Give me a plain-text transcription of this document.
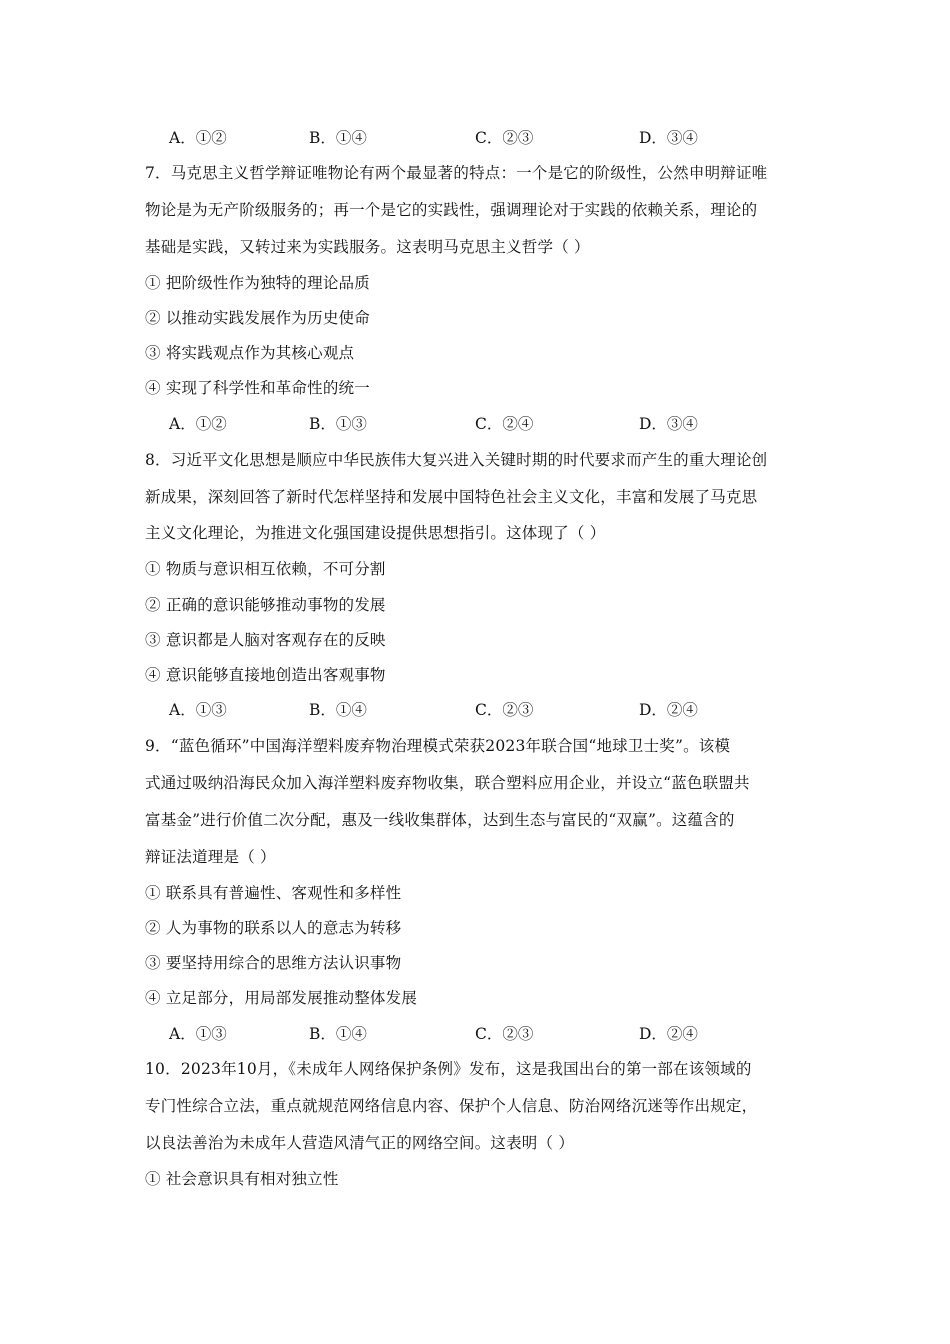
A．①②	B．①④	C．②③	D．③④
7．马克思主义哲学辩证唯物论有两个最显著的特点：一个是它的阶级性，公然申明辩证唯
物论是为无产阶级服务的；再一个是它的实践性，强调理论对于实践的依赖关系，理论的
基础是实践，又转过来为实践服务。这表明马克思主义哲学（ ）
① 把阶级性作为独特的理论品质
② 以推动实践发展作为历史使命
③ 将实践观点作为其核心观点
④ 实现了科学性和革命性的统一
A．①②	B．①③	C．②④	D．③④
8．习近平文化思想是顺应中华民族伟大复兴进入关键时期的时代要求而产生的重大理论创
新成果，深刻回答了新时代怎样坚持和发展中国特色社会主义文化，丰富和发展了马克思
主义文化理论，为推进文化强国建设提供思想指引。这体现了（ ）
① 物质与意识相互依赖，不可分割
② 正确的意识能够推动事物的发展
③ 意识都是人脑对客观存在的反映
④ 意识能够直接地创造出客观事物
A．①③	B．①④	C．②③	D．②④
9．“蓝色循环”中国海洋塑料废弃物治理模式荣获2023年联合国“地球卫士奖”。该模
式通过吸纳沿海民众加入海洋塑料废弃物收集，联合塑料应用企业，并设立“蓝色联盟共
富基金”进行价值二次分配，惠及一线收集群体，达到生态与富民的“双赢”。这蕴含的
辩证法道理是（ ）
① 联系具有普遍性、客观性和多样性
② 人为事物的联系以人的意志为转移
③ 要坚持用综合的思维方法认识事物
④ 立足部分，用局部发展推动整体发展
A．①③	B．①④	C．②③	D．②④
10．2023年10月，《未成年人网络保护条例》发布，这是我国出台的第一部在该领域的
专门性综合立法，重点就规范网络信息内容、保护个人信息、防治网络沉迷等作出规定，
以良法善治为未成年人营造风清气正的网络空间。这表明（ ）
① 社会意识具有相对独立性
